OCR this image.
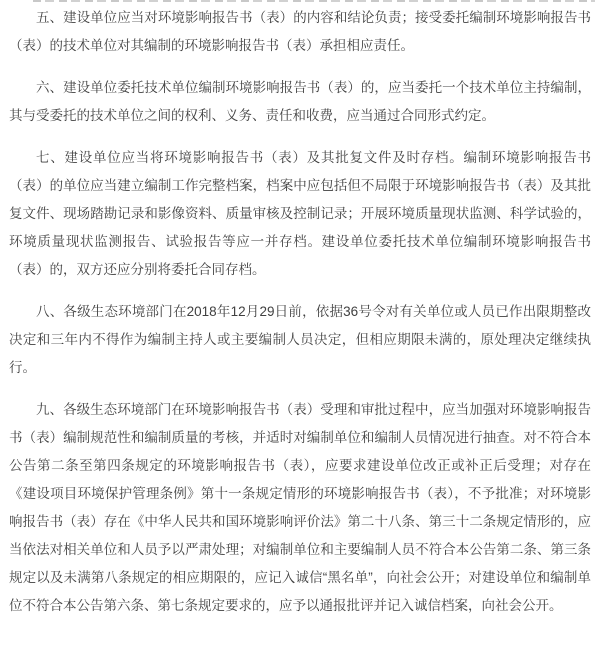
五、建设单位应当对环境影响报告书（表）的内容和结论负责；接受委托编制环境影响报告书（表）的技术单位对其编制的环境影响报告书（表）承担相应责任。

六、建设单位委托技术单位编制环境影响报告书（表）的，应当委托一个技术单位主持编制，其与受委托的技术单位之间的权利、义务、责任和收费，应当通过合同形式约定。

七、建设单位应当将环境影响报告书（表）及其批复文件及时存档。编制环境影响报告书（表）的单位应当建立编制工作完整档案，档案中应包括但不局限于环境影响报告书（表）及其批复文件、现场踏勘记录和影像资料、质量审核及控制记录；开展环境质量现状监测、科学试验的，环境质量现状监测报告、试验报告等应一并存档。建设单位委托技术单位编制环境影响报告书（表）的，双方还应分别将委托合同存档。

八、各级生态环境部门在2018年12月29日前，依据36号令对有关单位或人员已作出限期整改决定和三年内不得作为编制主持人或主要编制人员决定，但相应期限未满的，原处理决定继续执行。

九、各级生态环境部门在环境影响报告书（表）受理和审批过程中，应当加强对环境影响报告书（表）编制规范性和编制质量的考核，并适时对编制单位和编制人员情况进行抽查。对不符合本公告第二条至第四条规定的环境影响报告书（表），应要求建设单位改正或补正后受理；对存在《建设项目环境保护管理条例》第十一条规定情形的环境影响报告书（表），不予批准；对环境影响报告书（表）存在《中华人民共和国环境影响评价法》第二十八条、第三十二条规定情形的，应当依法对相关单位和人员予以严肃处理；对编制单位和主要编制人员不符合本公告第二条、第三条规定以及未满第八条规定的相应期限的，应记入诚信“黑名单”，向社会公开；对建设单位和编制单位不符合本公告第六条、第七条规定要求的，应予以通报批评并记入诚信档案，向社会公开。
